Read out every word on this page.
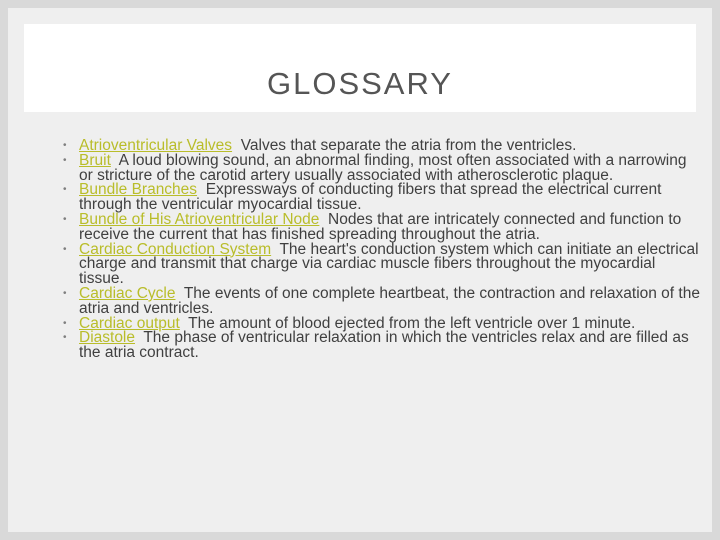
GLOSSARY
• Atrioventricular Valves Valves that separate the atria from the ventricles.
• Bruit A loud blowing sound, an abnormal finding, most often associated with a narrowing or stricture of the carotid artery usually associated with atherosclerotic plaque.
• Bundle Branches Expressways of conducting fibers that spread the electrical current through the ventricular myocardial tissue.
• Bundle of His Atrioventricular Node Nodes that are intricately connected and function to receive the current that has finished spreading throughout the atria.
• Cardiac Conduction System The heart's conduction system which can initiate an electrical charge and transmit that charge via cardiac muscle fibers throughout the myocardial tissue.
• Cardiac Cycle The events of one complete heartbeat, the contraction and relaxation of the atria and ventricles.
• Cardiac output The amount of blood ejected from the left ventricle over 1 minute.
• Diastole The phase of ventricular relaxation in which the ventricles relax and are filled as the atria contract.
